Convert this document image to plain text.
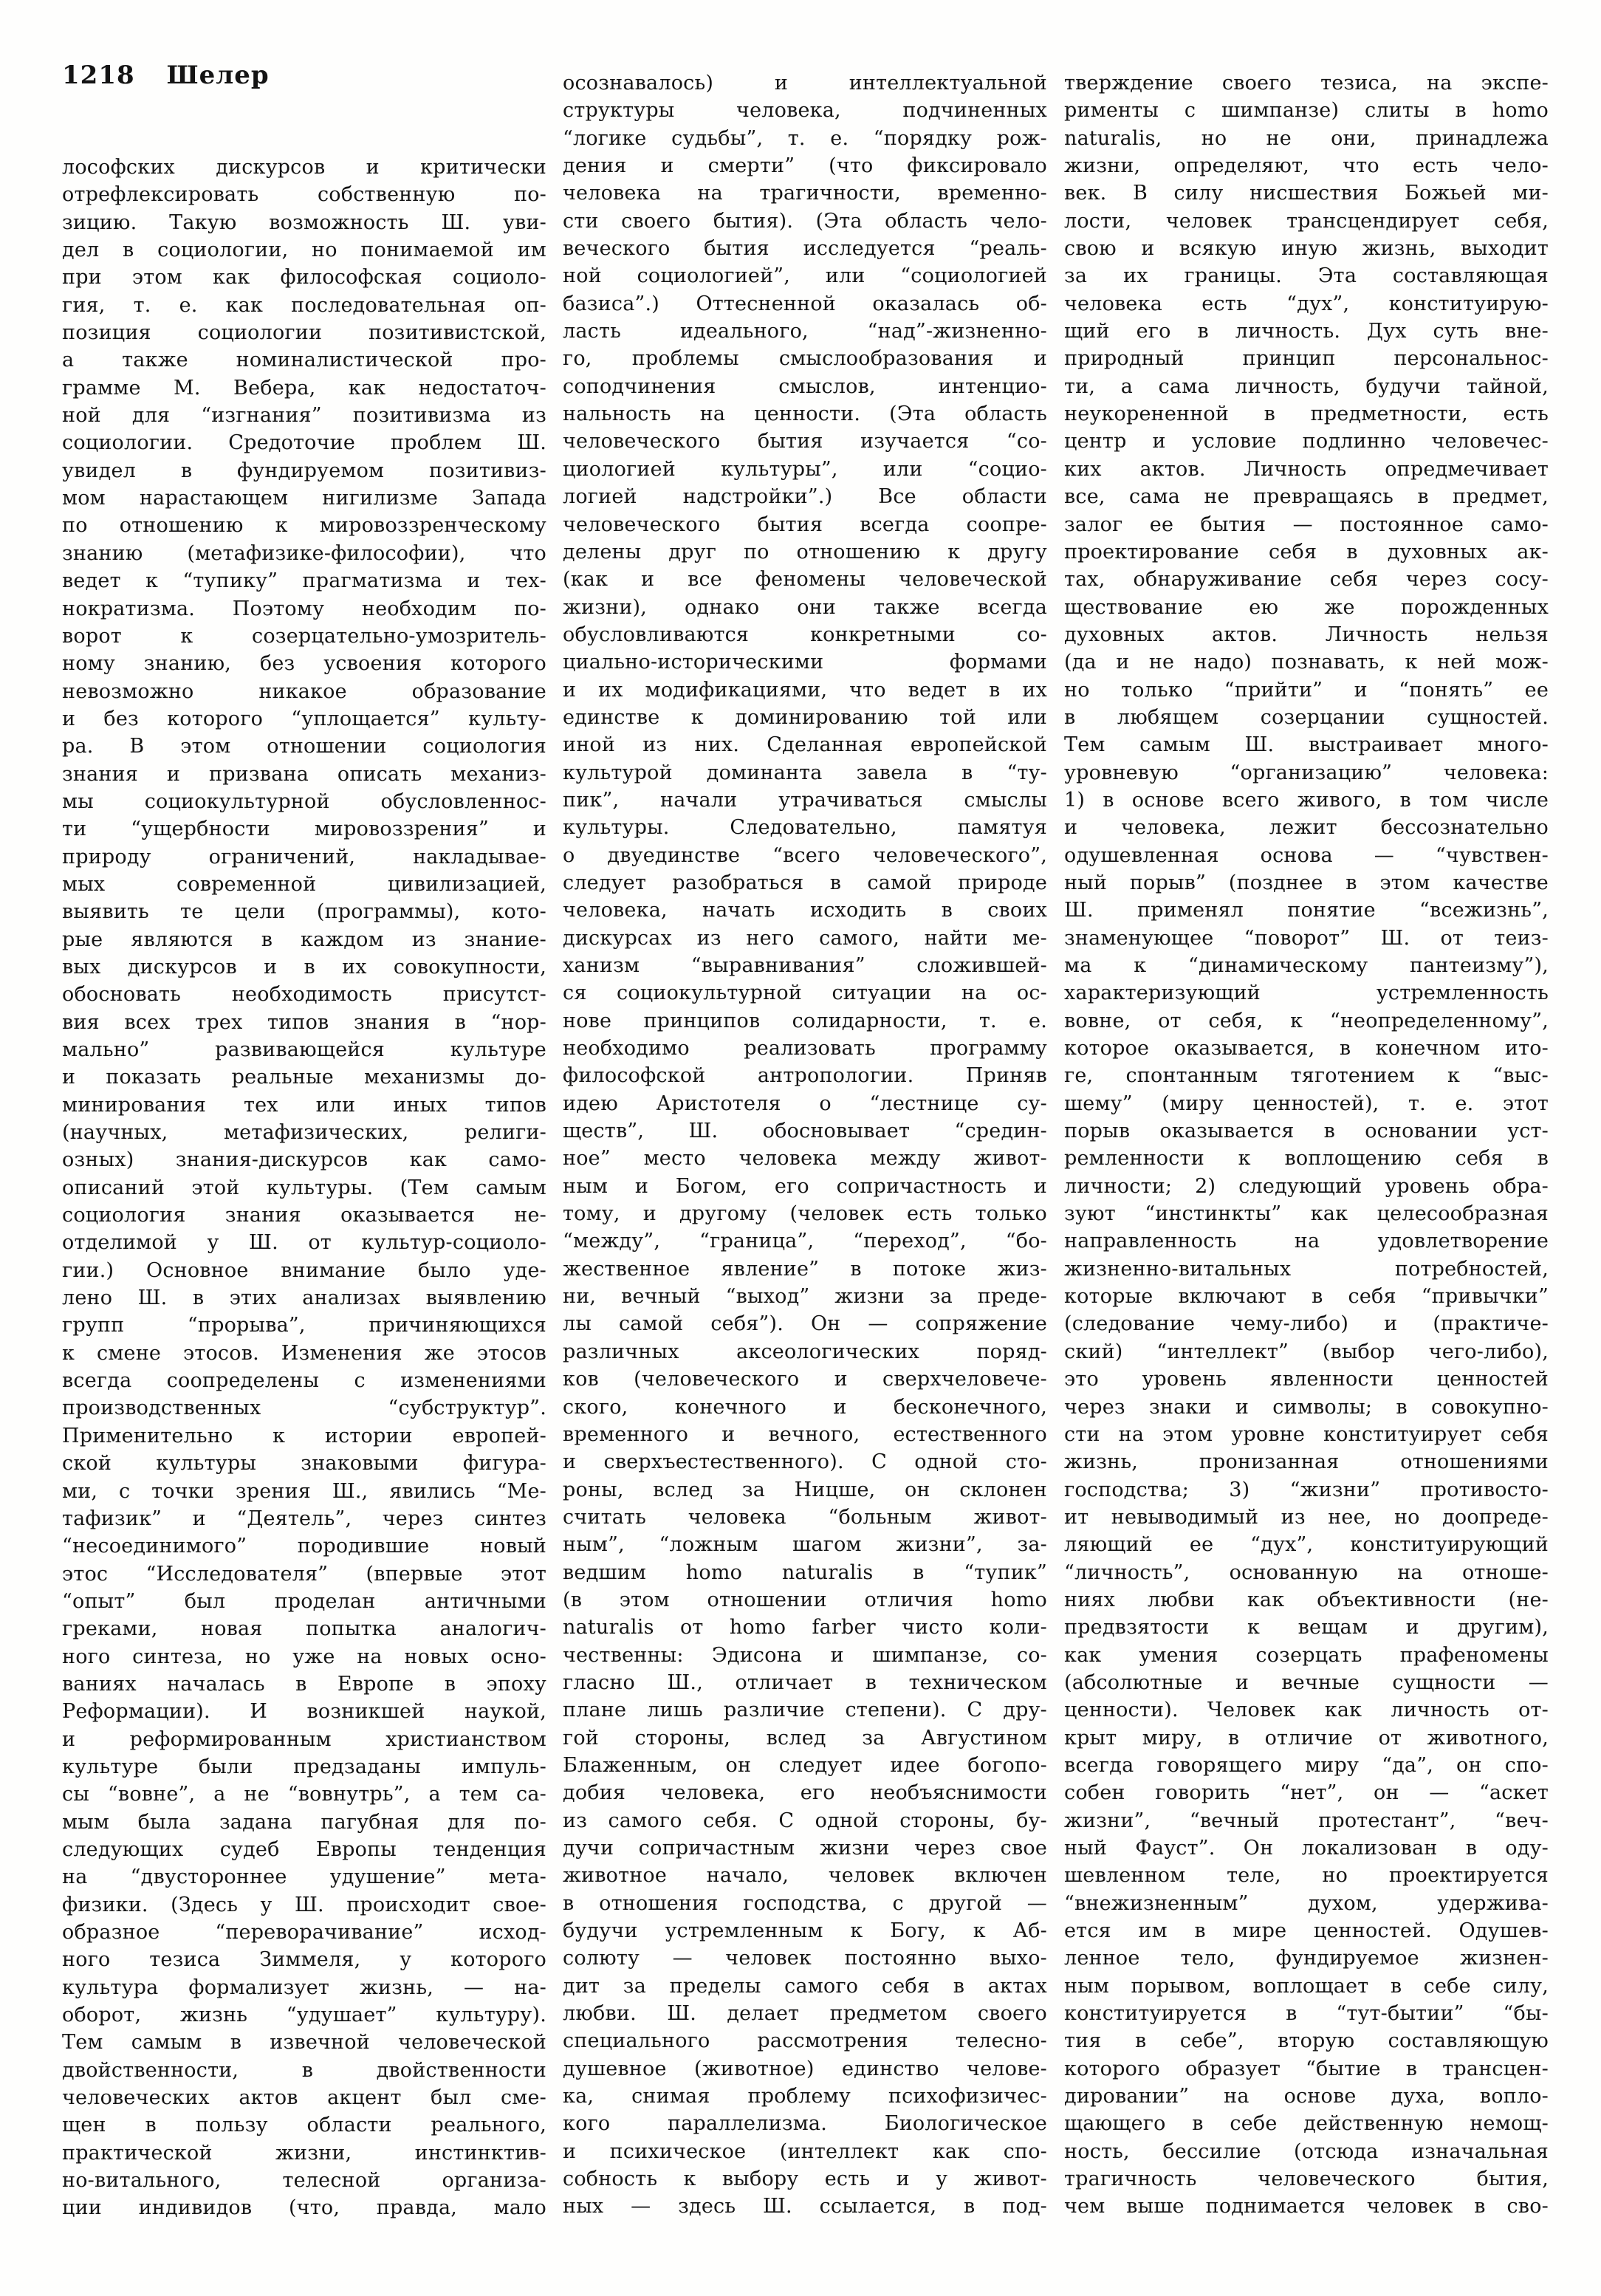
1218 Шелер
лософских дискурсов и критически
отрефлексировать собственную по-
зицию. Такую возможность Ш. уви-
дел в социологии, но понимаемой им
при этом как философская социоло-
гия, т. е. как последовательная оп-
позиция социологии позитивистской,
а также номиналистической про-
грамме М. Вебера, как недостаточ-
ной для “изгнания” позитивизма из
социологии. Средоточие проблем Ш.
увидел в фундируемом позитивиз-
мом нарастающем нигилизме Запада
по отношению к мировоззренческому
знанию (метафизике-философии), что
ведет к “тупику” прагматизма и тех-
нократизма. Поэтому необходим по-
ворот к созерцательно-умозритель-
ному знанию, без усвоения которого
невозможно никакое образование
и без которого “уплощается” культу-
ра. В этом отношении социология
знания и призвана описать механиз-
мы социокультурной обусловленнос-
ти “ущербности мировоззрения” и
природу ограничений, накладывае-
мых современной цивилизацией,
выявить те цели (программы), кото-
рые являются в каждом из знание-
вых дискурсов и в их совокупности,
обосновать необходимость присутст-
вия всех трех типов знания в “нор-
мально” развивающейся культуре
и показать реальные механизмы до-
минирования тех или иных типов
(научных, метафизических, религи-
озных) знания-дискурсов как само-
описаний этой культуры. (Тем самым
социология знания оказывается не-
отделимой у Ш. от культур-социоло-
гии.) Основное внимание было уде-
лено Ш. в этих анализах выявлению
групп “прорыва”, причиняющихся
к смене этосов. Изменения же этосов
всегда соопределены с изменениями
производственных “субструктур”.
Применительно к истории европей-
ской культуры знаковыми фигура-
ми, с точки зрения Ш., явились “Ме-
тафизик” и “Деятель”, через синтез
“несоединимого” породившие новый
этос “Исследователя” (впервые этот
“опыт” был проделан античными
греками, новая попытка аналогич-
ного синтеза, но уже на новых осно-
ваниях началась в Европе в эпоху
Реформации). И возникшей наукой,
и реформированным христианством
культуре были предзаданы импуль-
сы “вовне”, а не “вовнутрь”, а тем са-
мым была задана пагубная для по-
следующих судеб Европы тенденция
на “двустороннее удушение” мета-
физики. (Здесь у Ш. происходит свое-
образное “переворачивание” исход-
ного тезиса Зиммеля, у которого
культура формализует жизнь, — на-
оборот, жизнь “удушает” культуру).
Тем самым в извечной человеческой
двойственности, в двойственности
человеческих актов акцент был сме-
щен в пользу области реального,
практической жизни, инстинктив-
но-витального, телесной организа-
ции индивидов (что, правда, мало
осознавалось) и интеллектуальной
структуры человека, подчиненных
“логике судьбы”, т. е. “порядку рож-
дения и смерти” (что фиксировало
человека на трагичности, временно-
сти своего бытия). (Эта область чело-
веческого бытия исследуется “реаль-
ной социологией”, или “социологией
базиса”.) Оттесненной оказалась об-
ласть идеального, “над”-жизненно-
го, проблемы смыслообразования и
соподчинения смыслов, интенцио-
нальность на ценности. (Эта область
человеческого бытия изучается “со-
циологией культуры”, или “социо-
логией надстройки”.) Все области
человеческого бытия всегда соопре-
делены друг по отношению к другу
(как и все феномены человеческой
жизни), однако они также всегда
обусловливаются конкретными со-
циально-историческими формами
и их модификациями, что ведет в их
единстве к доминированию той или
иной из них. Сделанная европейской
культурой доминанта завела в “ту-
пик”, начали утрачиваться смыслы
культуры. Следовательно, памятуя
о двуединстве “всего человеческого”,
следует разобраться в самой природе
человека, начать исходить в своих
дискурсах из него самого, найти ме-
ханизм “выравнивания” сложившей-
ся социокультурной ситуации на ос-
нове принципов солидарности, т. е.
необходимо реализовать программу
философской антропологии. Приняв
идею Аристотеля о “лестнице су-
ществ”, Ш. обосновывает “средин-
ное” место человека между живот-
ным и Богом, его сопричастность и
тому, и другому (человек есть только
“между”, “граница”, “переход”, “бо-
жественное явление” в потоке жиз-
ни, вечный “выход” жизни за преде-
лы самой себя”). Он — сопряжение
различных аксеологических поряд-
ков (человеческого и сверхчеловече-
ского, конечного и бесконечного,
временного и вечного, естественного
и сверхъестественного). С одной сто-
роны, вслед за Ницше, он склонен
считать человека “больным живот-
ным”, “ложным шагом жизни”, за-
ведшим homo naturalis в “тупик”
(в этом отношении отличия homo
naturalis от homo farber чисто коли-
чественны: Эдисона и шимпанзе, со-
гласно Ш., отличает в техническом
плане лишь различие степени). С дру-
гой стороны, вслед за Августином
Блаженным, он следует идее богопо-
добия человека, его необъяснимости
из самого себя. С одной стороны, бу-
дучи сопричастным жизни через свое
животное начало, человек включен
в отношения господства, с другой —
будучи устремленным к Богу, к Аб-
солюту — человек постоянно выхо-
дит за пределы самого себя в актах
любви. Ш. делает предметом своего
специального рассмотрения телесно-
душевное (животное) единство челове-
ка, снимая проблему психофизичес-
кого параллелизма. Биологическое
и психическое (интеллект как спо-
собность к выбору есть и у живот-
ных — здесь Ш. ссылается, в под-
тверждение своего тезиса, на экспе-
рименты с шимпанзе) слиты в homo
naturalis, но не они, принадлежа
жизни, определяют, что есть чело-
век. В силу нисшествия Божьей ми-
лости, человек трансцендирует себя,
свою и всякую иную жизнь, выходит
за их границы. Эта составляющая
человека есть “дух”, конституирую-
щий его в личность. Дух суть вне-
природный принцип персональнос-
ти, а сама личность, будучи тайной,
неукорененной в предметности, есть
центр и условие подлинно человечес-
ких актов. Личность опредмечивает
все, сама не превращаясь в предмет,
залог ее бытия — постоянное само-
проектирование себя в духовных ак-
тах, обнаруживание себя через сосу-
ществование ею же порожденных
духовных актов. Личность нельзя
(да и не надо) познавать, к ней мож-
но только “прийти” и “понять” ее
в любящем созерцании сущностей.
Тем самым Ш. выстраивает много-
уровневую “организацию” человека:
1) в основе всего живого, в том числе
и человека, лежит бессознательно
одушевленная основа — “чувствен-
ный порыв” (позднее в этом качестве
Ш. применял понятие “всежизнь”,
знаменующее “поворот” Ш. от теиз-
ма к “динамическому пантеизму”),
характеризующий устремленность
вовне, от себя, к “неопределенному”,
которое оказывается, в конечном ито-
ге, спонтанным тяготением к “выс-
шему” (миру ценностей), т. е. этот
порыв оказывается в основании уст-
ремленности к воплощению себя в
личности; 2) следующий уровень обра-
зуют “инстинкты” как целесообразная
направленность на удовлетворение
жизненно-витальных потребностей,
которые включают в себя “привычки”
(следование чему-либо) и (практиче-
ский) “интеллект” (выбор чего-либо),
это уровень явленности ценностей
через знаки и символы; в совокупно-
сти на этом уровне конституирует себя
жизнь, пронизанная отношениями
господства; 3) “жизни” противосто-
ит невыводимый из нее, но доопреде-
ляющий ее “дух”, конституирующий
“личность”, основанную на отноше-
ниях любви как объективности (не-
предвзятости к вещам и другим),
как умения созерцать прафеномены
(абсолютные и вечные сущности —
ценности). Человек как личность от-
крыт миру, в отличие от животного,
всегда говорящего миру “да”, он спо-
собен говорить “нет”, он — “аскет
жизни”, “вечный протестант”, “веч-
ный Фауст”. Он локализован в оду-
шевленном теле, но проектируется
“внежизненным” духом, удержива-
ется им в мире ценностей. Одушев-
ленное тело, фундируемое жизнен-
ным порывом, воплощает в себе силу,
конституируется в “тут-бытии” “бы-
тия в себе”, вторую составляющую
которого образует “бытие в трансцен-
дировании” на основе духа, вопло-
щающего в себе действенную немощ-
ность, бессилие (отсюда изначальная
трагичность человеческого бытия,
чем выше поднимается человек в сво-
